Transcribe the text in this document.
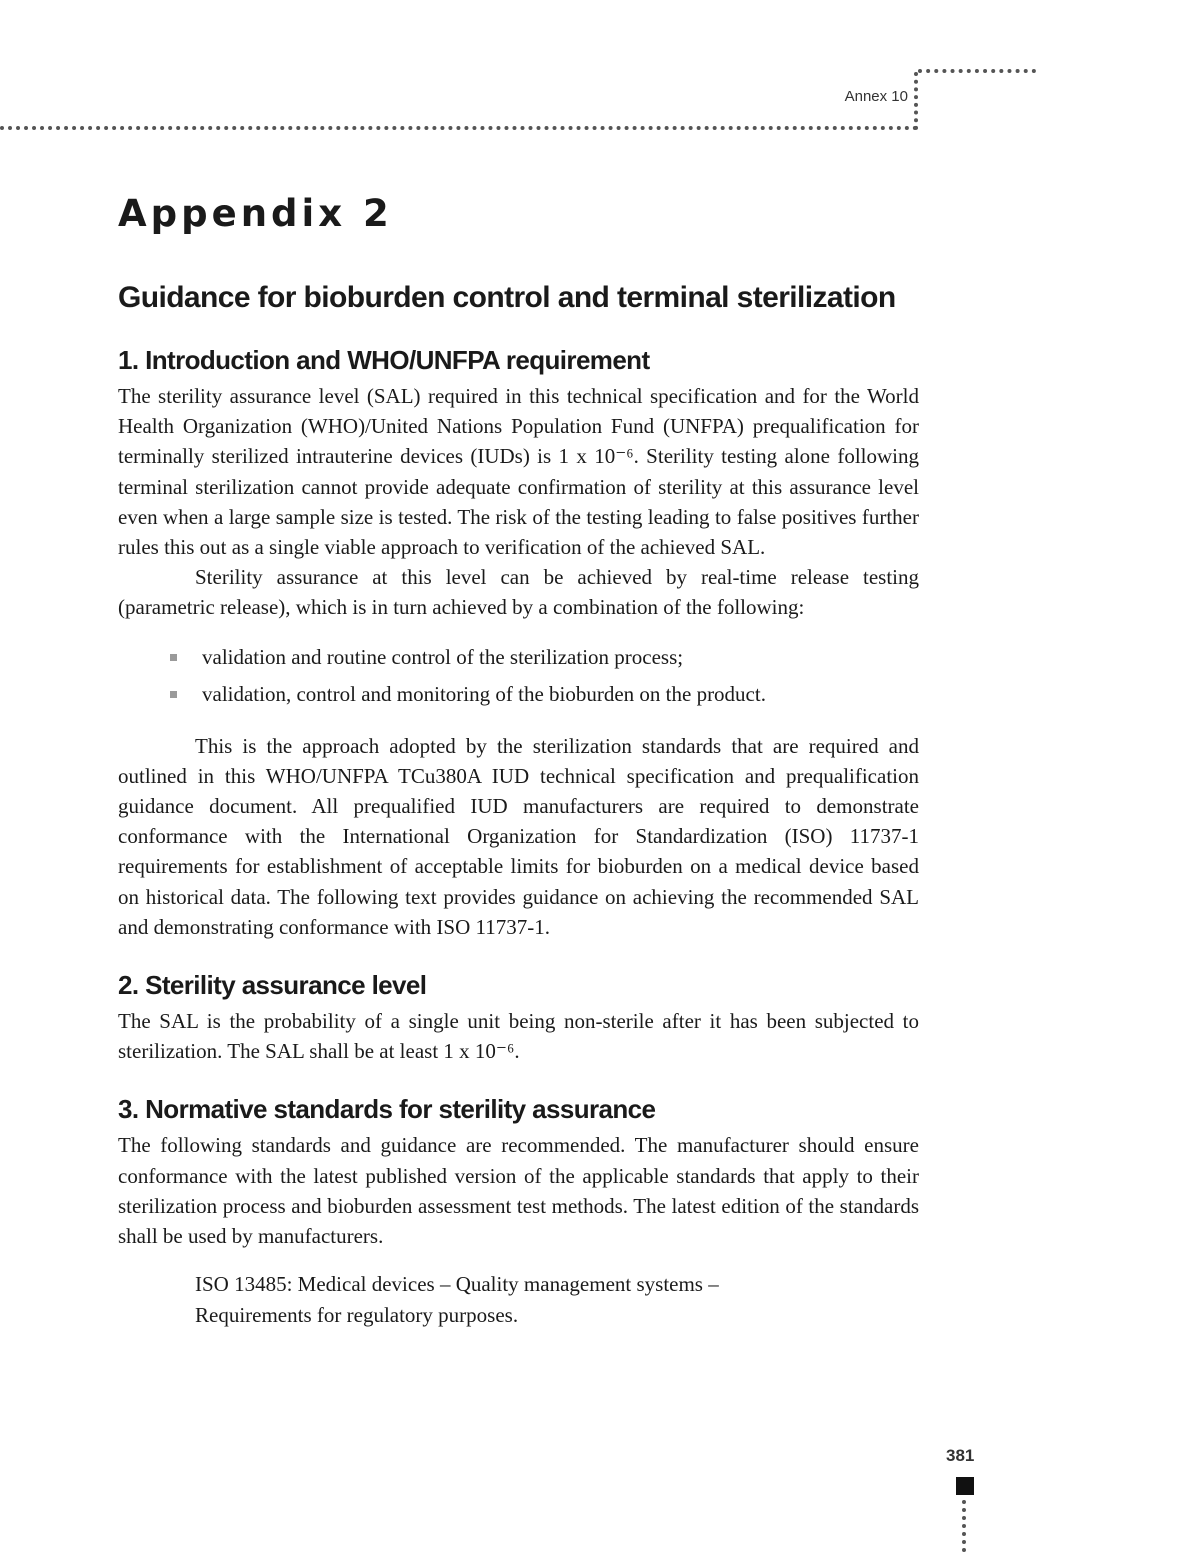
Annex 10
Appendix 2
Guidance for bioburden control and terminal sterilization
1. Introduction and WHO/UNFPA requirement

The sterility assurance level (SAL) required in this technical specification and for the World Health Organization (WHO)/United Nations Population Fund (UNFPA) prequalification for terminally sterilized intrauterine devices (IUDs) is 1 x 10⁻⁶. Sterility testing alone following terminal sterilization cannot provide adequate confirmation of sterility at this assurance level even when a large sample size is tested. The risk of the testing leading to false positives further rules this out as a single viable approach to verification of the achieved SAL.

Sterility assurance at this level can be achieved by real-time release testing (parametric release), which is in turn achieved by a combination of the following:

validation and routine control of the sterilization process;
validation, control and monitoring of the bioburden on the product.

This is the approach adopted by the sterilization standards that are required and outlined in this WHO/UNFPA TCu380A IUD technical specification and prequalification guidance document. All prequalified IUD manufacturers are required to demonstrate conformance with the International Organization for Standardization (ISO) 11737-1 requirements for establishment of acceptable limits for bioburden on a medical device based on historical data. The following text provides guidance on achieving the recommended SAL and demonstrating conformance with ISO 11737-1.

2. Sterility assurance level

The SAL is the probability of a single unit being non-sterile after it has been subjected to sterilization. The SAL shall be at least 1 x 10⁻⁶.

3. Normative standards for sterility assurance

The following standards and guidance are recommended. The manufacturer should ensure conformance with the latest published version of the applicable standards that apply to their sterilization process and bioburden assessment test methods. The latest edition of the standards shall be used by manufacturers.

ISO 13485: Medical devices – Quality management systems –
Requirements for regulatory purposes.
381
